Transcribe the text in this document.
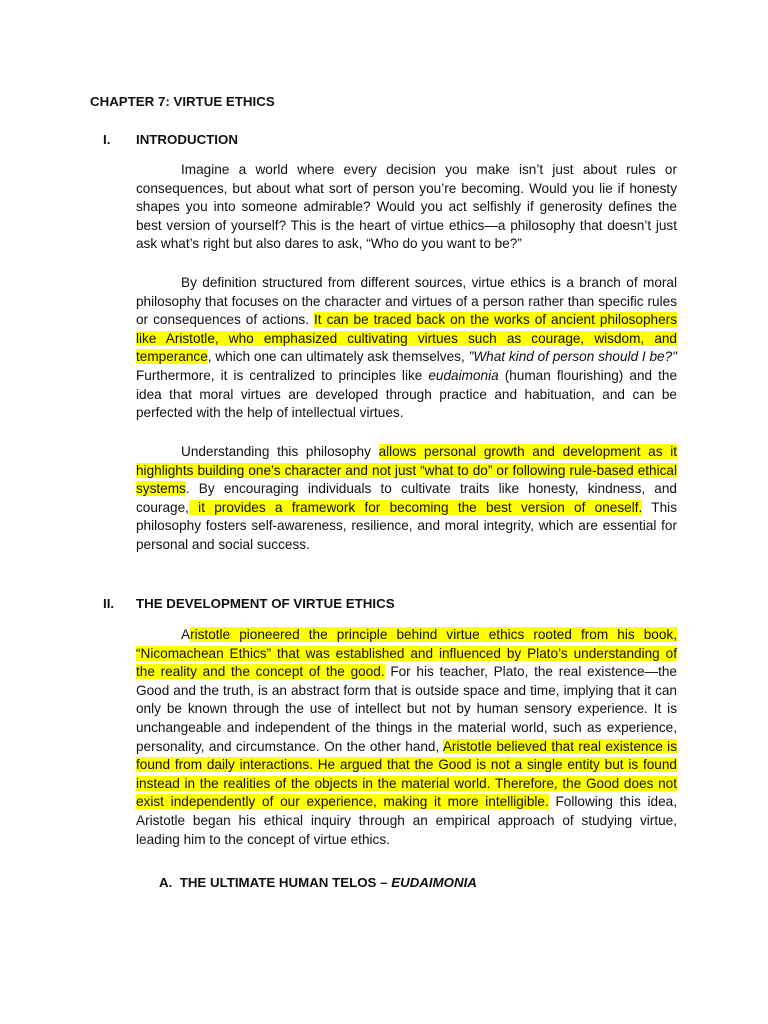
CHAPTER 7: VIRTUE ETHICS
I. INTRODUCTION
Imagine a world where every decision you make isn’t just about rules or consequences, but about what sort of person you’re becoming. Would you lie if honesty shapes you into someone admirable? Would you act selfishly if generosity defines the best version of yourself? This is the heart of virtue ethics—a philosophy that doesn’t just ask what’s right but also dares to ask, “Who do you want to be?”
By definition structured from different sources, virtue ethics is a branch of moral philosophy that focuses on the character and virtues of a person rather than specific rules or consequences of actions. It can be traced back on the works of ancient philosophers like Aristotle, who emphasized cultivating virtues such as courage, wisdom, and temperance, which one can ultimately ask themselves, "What kind of person should I be?" Furthermore, it is centralized to principles like eudaimonia (human flourishing) and the idea that moral virtues are developed through practice and habituation, and can be perfected with the help of intellectual virtues.
Understanding this philosophy allows personal growth and development as it highlights building one’s character and not just “what to do” or following rule-based ethical systems. By encouraging individuals to cultivate traits like honesty, kindness, and courage, it provides a framework for becoming the best version of oneself. This philosophy fosters self-awareness, resilience, and moral integrity, which are essential for personal and social success.
II. THE DEVELOPMENT OF VIRTUE ETHICS
Aristotle pioneered the principle behind virtue ethics rooted from his book, “Nicomachean Ethics” that was established and influenced by Plato’s understanding of the reality and the concept of the good. For his teacher, Plato, the real existence—the Good and the truth, is an abstract form that is outside space and time, implying that it can only be known through the use of intellect but not by human sensory experience. It is unchangeable and independent of the things in the material world, such as experience, personality, and circumstance. On the other hand, Aristotle believed that real existence is found from daily interactions. He argued that the Good is not a single entity but is found instead in the realities of the objects in the material world. Therefore, the Good does not exist independently of our experience, making it more intelligible. Following this idea, Aristotle began his ethical inquiry through an empirical approach of studying virtue, leading him to the concept of virtue ethics.
A. THE ULTIMATE HUMAN TELOS – EUDAIMONIA
